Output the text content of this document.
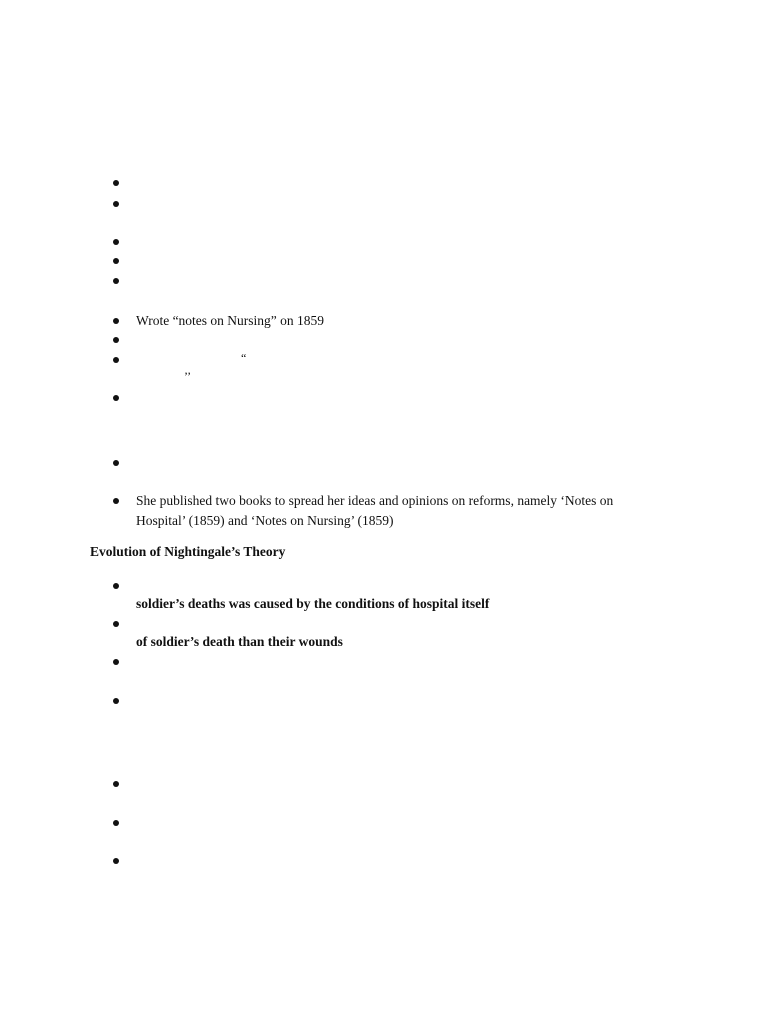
Wrote “notes on Nursing” on 1859
“
’’
She published two books to spread her ideas and opinions on reforms, namely ‘Notes on
Hospital’ (1859) and ‘Notes on Nursing’ (1859)
Evolution of Nightingale’s Theory
soldier’s deaths was caused by the conditions of hospital itself
of soldier’s death than their wounds
